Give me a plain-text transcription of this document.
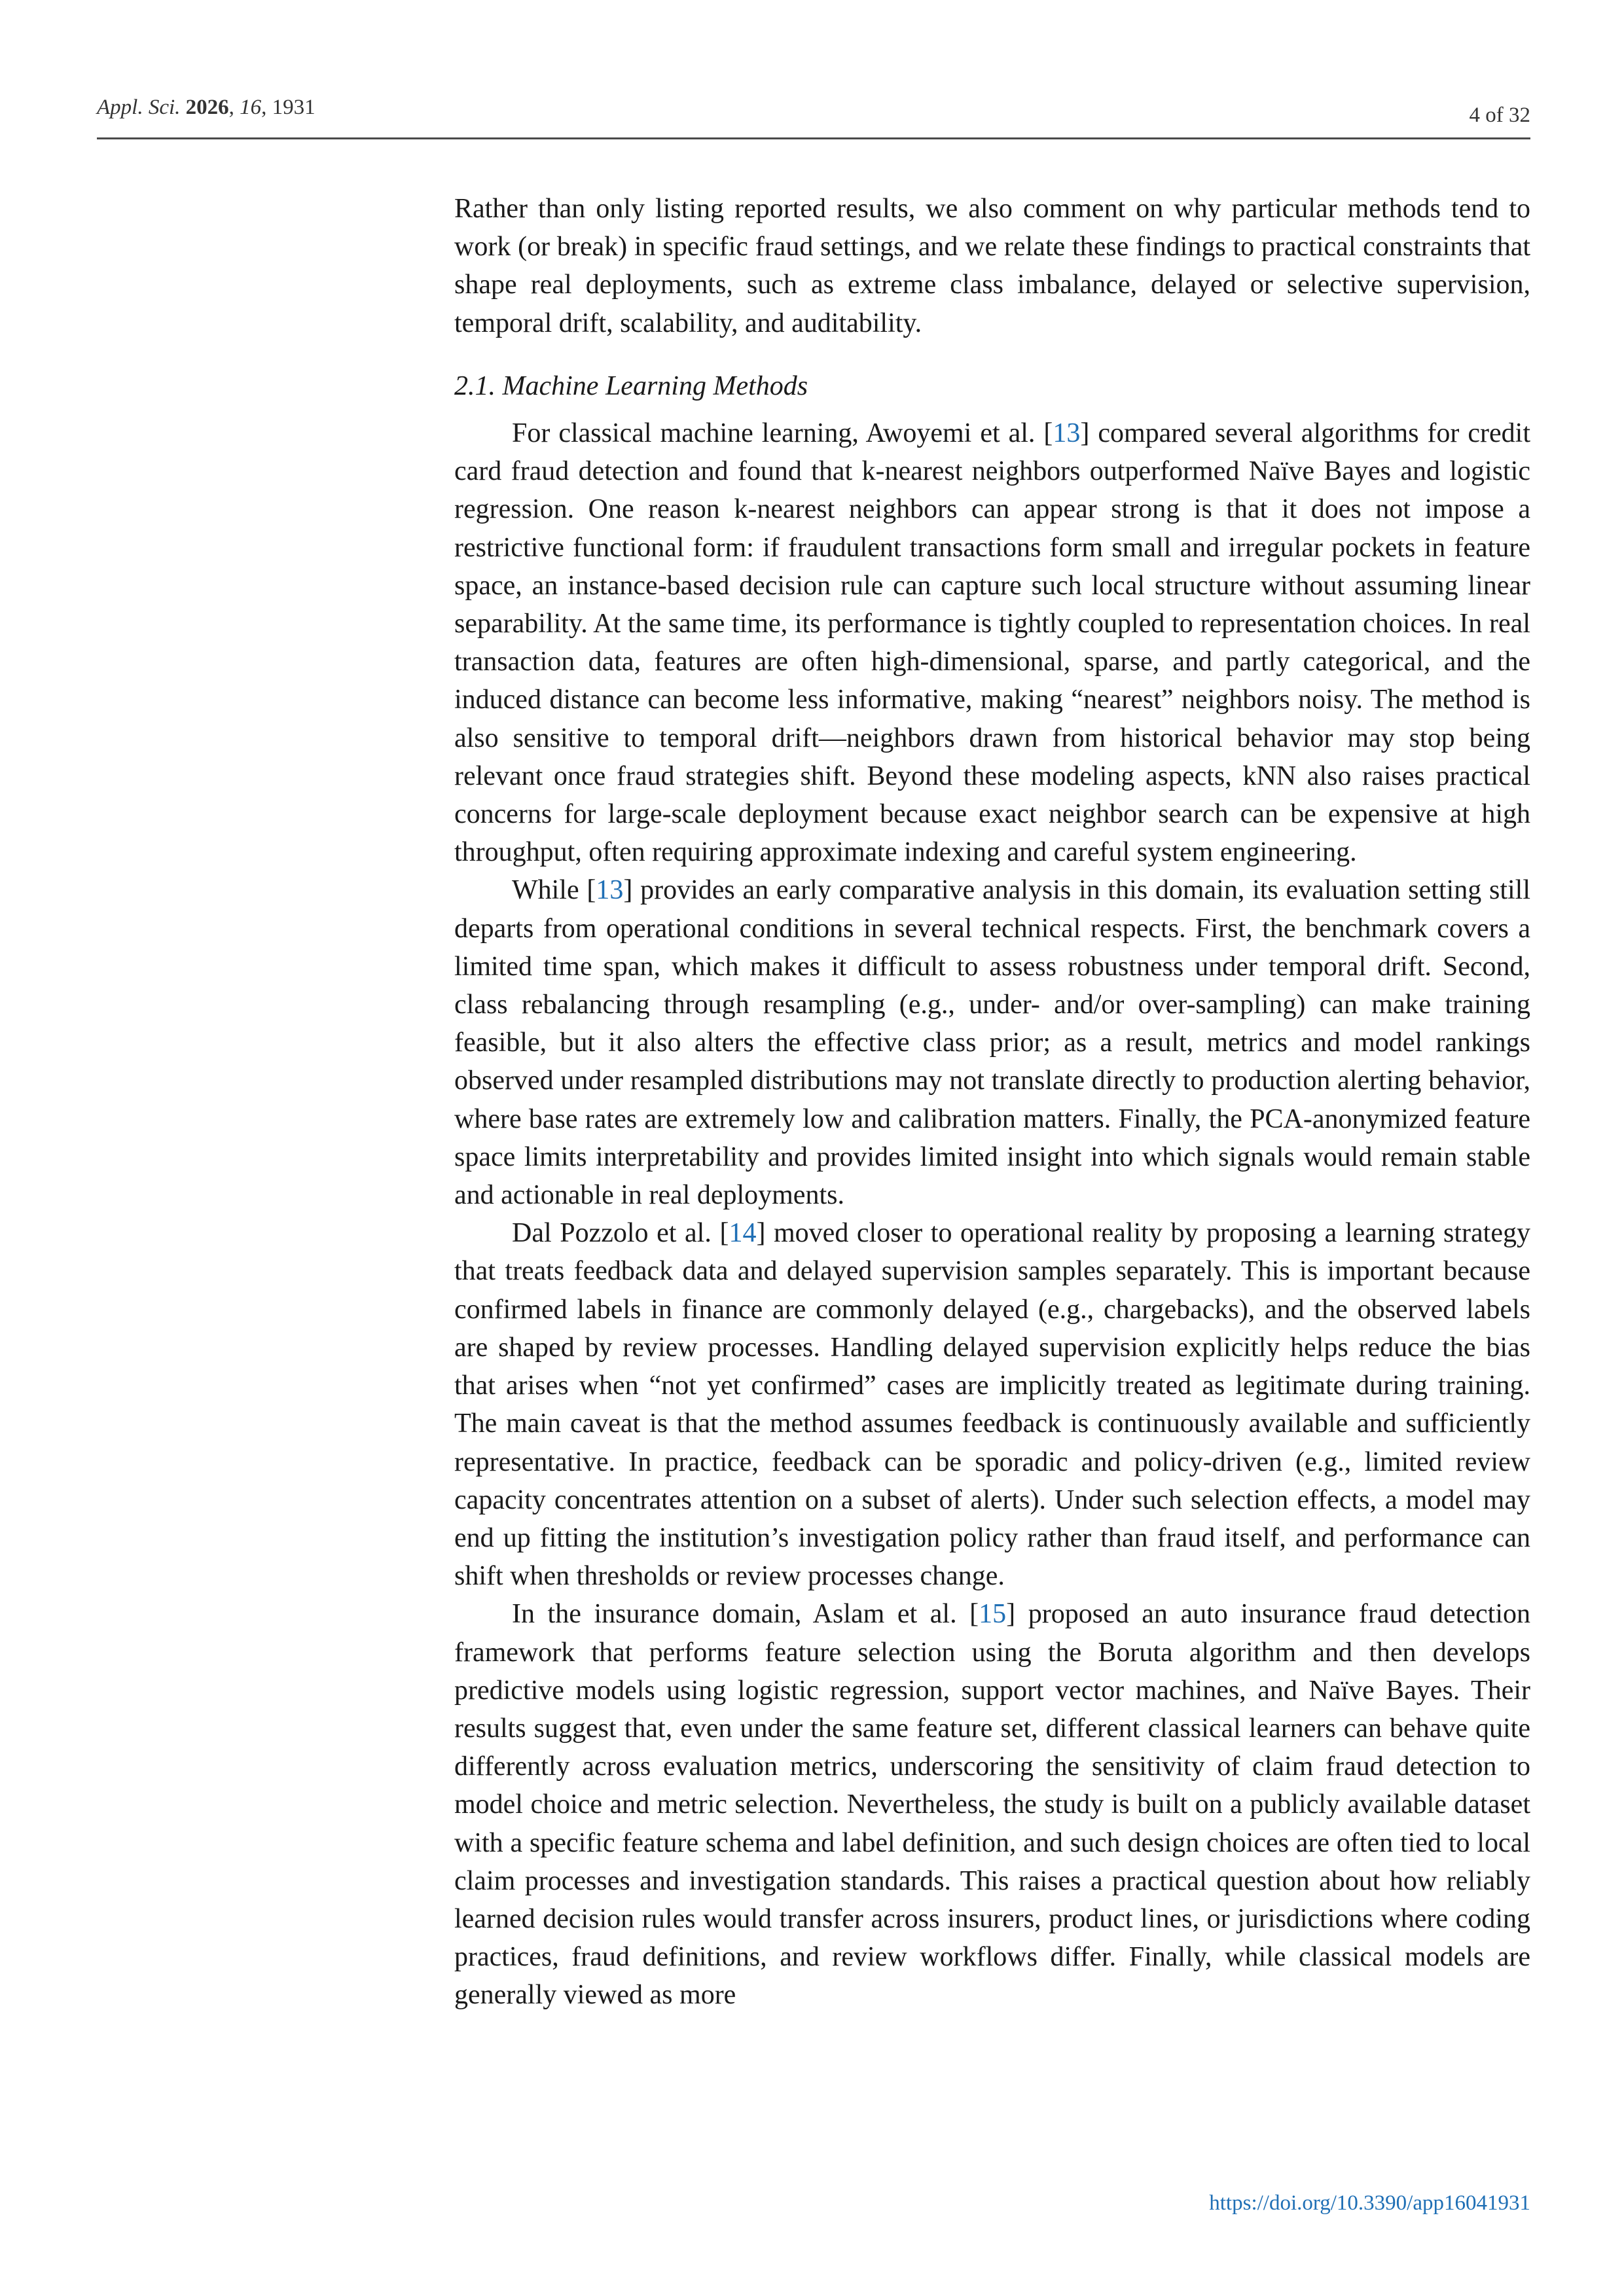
Appl. Sci. 2026, 16, 1931	4 of 32

Rather than only listing reported results, we also comment on why particular methods tend to work (or break) in specific fraud settings, and we relate these findings to practical constraints that shape real deployments, such as extreme class imbalance, delayed or selective supervision, temporal drift, scalability, and auditability.

2.1. Machine Learning Methods

For classical machine learning, Awoyemi et al. [13] compared several algorithms for credit card fraud detection and found that k-nearest neighbors outperformed Naïve Bayes and logistic regression. One reason k-nearest neighbors can appear strong is that it does not impose a restrictive functional form: if fraudulent transactions form small and irregular pockets in feature space, an instance-based decision rule can capture such local structure without assuming linear separability. At the same time, its performance is tightly coupled to representation choices. In real transaction data, features are often high-dimensional, sparse, and partly categorical, and the induced distance can become less informative, making “nearest” neighbors noisy. The method is also sensitive to temporal drift—neighbors drawn from historical behavior may stop being relevant once fraud strategies shift. Beyond these modeling aspects, kNN also raises practical concerns for large-scale deployment because exact neighbor search can be expensive at high throughput, often requiring approximate indexing and careful system engineering.

While [13] provides an early comparative analysis in this domain, its evaluation setting still departs from operational conditions in several technical respects. First, the benchmark covers a limited time span, which makes it difficult to assess robustness under temporal drift. Second, class rebalancing through resampling (e.g., under- and/or over-sampling) can make training feasible, but it also alters the effective class prior; as a result, metrics and model rankings observed under resampled distributions may not translate directly to production alerting behavior, where base rates are extremely low and calibration matters. Finally, the PCA-anonymized feature space limits interpretability and provides limited insight into which signals would remain stable and actionable in real deployments.

Dal Pozzolo et al. [14] moved closer to operational reality by proposing a learning strategy that treats feedback data and delayed supervision samples separately. This is important because confirmed labels in finance are commonly delayed (e.g., chargebacks), and the observed labels are shaped by review processes. Handling delayed supervision explicitly helps reduce the bias that arises when “not yet confirmed” cases are implicitly treated as legitimate during training. The main caveat is that the method assumes feedback is continuously available and sufficiently representative. In practice, feedback can be sporadic and policy-driven (e.g., limited review capacity concentrates attention on a subset of alerts). Under such selection effects, a model may end up fitting the institution’s investigation policy rather than fraud itself, and performance can shift when thresholds or review processes change.

In the insurance domain, Aslam et al. [15] proposed an auto insurance fraud detection framework that performs feature selection using the Boruta algorithm and then develops predictive models using logistic regression, support vector machines, and Naïve Bayes. Their results suggest that, even under the same feature set, different classical learners can behave quite differently across evaluation metrics, underscoring the sensitivity of claim fraud detection to model choice and metric selection. Nevertheless, the study is built on a publicly available dataset with a specific feature schema and label definition, and such design choices are often tied to local claim processes and investigation standards. This raises a practical question about how reliably learned decision rules would transfer across insurers, product lines, or jurisdictions where coding practices, fraud definitions, and review workflows differ. Finally, while classical models are generally viewed as more

https://doi.org/10.3390/app16041931
